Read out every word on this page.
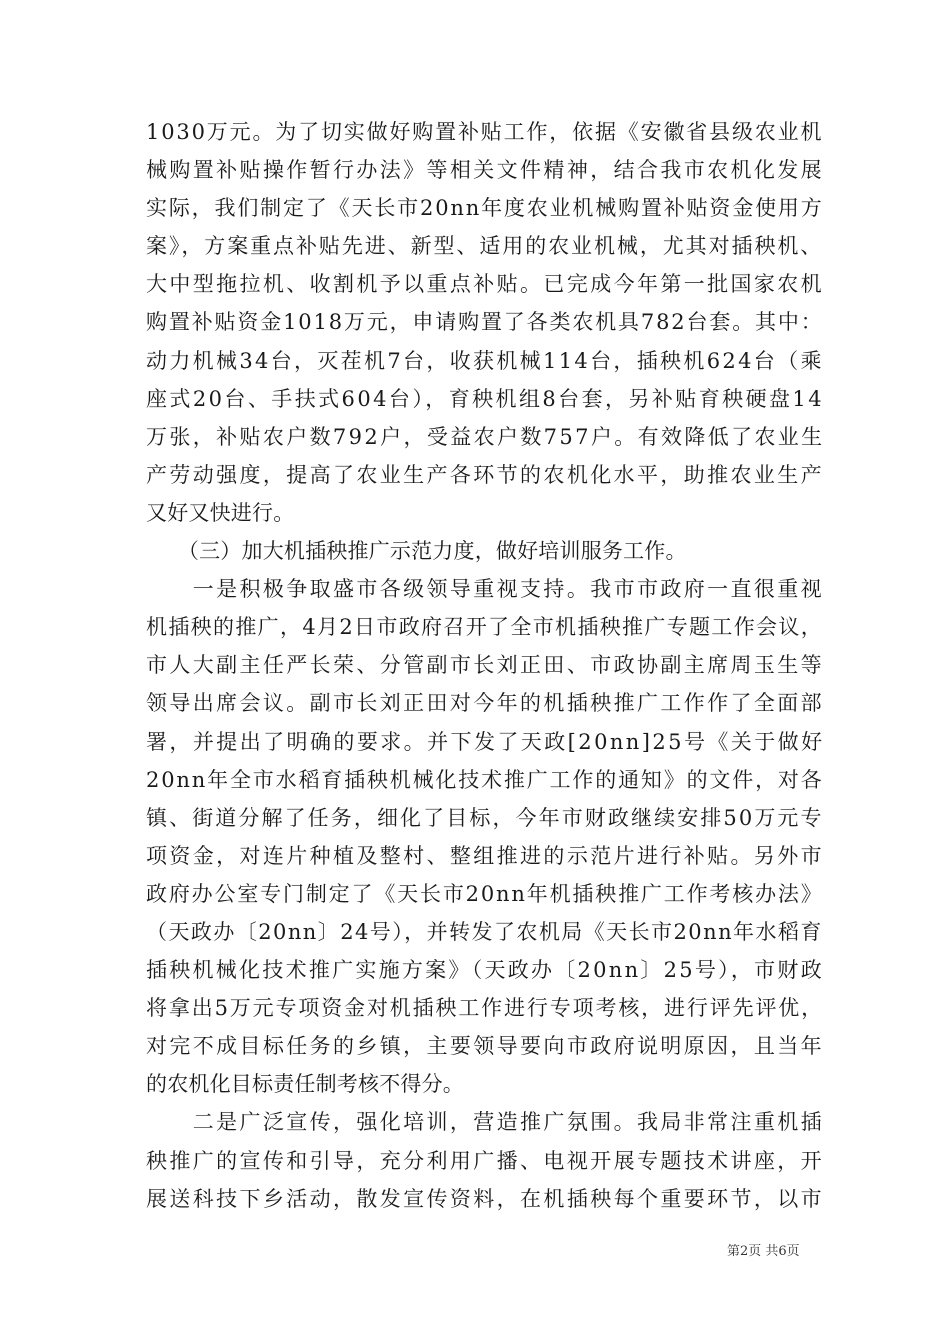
1030万元。为了切实做好购置补贴工作，依据《安徽省县级农业机
械购置补贴操作暂行办法》等相关文件精神，结合我市农机化发展
实际，我们制定了《天长市20nn年度农业机械购置补贴资金使用方
案》，方案重点补贴先进、新型、适用的农业机械，尤其对插秧机、
大中型拖拉机、收割机予以重点补贴。已完成今年第一批国家农机
购置补贴资金1018万元，申请购置了各类农机具782台套。其中：
动力机械34台，灭茬机7台，收获机械114台，插秧机624台（乘
座式20台、手扶式604台），育秧机组8台套，另补贴育秧硬盘14
万张，补贴农户数792户，受益农户数757户。有效降低了农业生
产劳动强度，提高了农业生产各环节的农机化水平，助推农业生产
又好又快进行。
　　（三）加大机插秧推广示范力度，做好培训服务工作。
　　一是积极争取盛市各级领导重视支持。我市市政府一直很重视
机插秧的推广，4月2日市政府召开了全市机插秧推广专题工作会议，
市人大副主任严长荣、分管副市长刘正田、市政协副主席周玉生等
领导出席会议。副市长刘正田对今年的机插秧推广工作作了全面部
署，并提出了明确的要求。并下发了天政[20nn]25号《关于做好
20nn年全市水稻育插秧机械化技术推广工作的通知》的文件，对各
镇、街道分解了任务，细化了目标，今年市财政继续安排50万元专
项资金，对连片种植及整村、整组推进的示范片进行补贴。另外市
政府办公室专门制定了《天长市20nn年机插秧推广工作考核办法》
（天政办〔20nn〕24号），并转发了农机局《天长市20nn年水稻育
插秧机械化技术推广实施方案》（天政办〔20nn〕25号），市财政
将拿出5万元专项资金对机插秧工作进行专项考核，进行评先评优，
对完不成目标任务的乡镇，主要领导要向市政府说明原因，且当年
的农机化目标责任制考核不得分。
　　二是广泛宣传，强化培训，营造推广氛围。我局非常注重机插
秧推广的宣传和引导，充分利用广播、电视开展专题技术讲座，开
展送科技下乡活动，散发宣传资料，在机插秧每个重要环节，以市
第2页 共6页
